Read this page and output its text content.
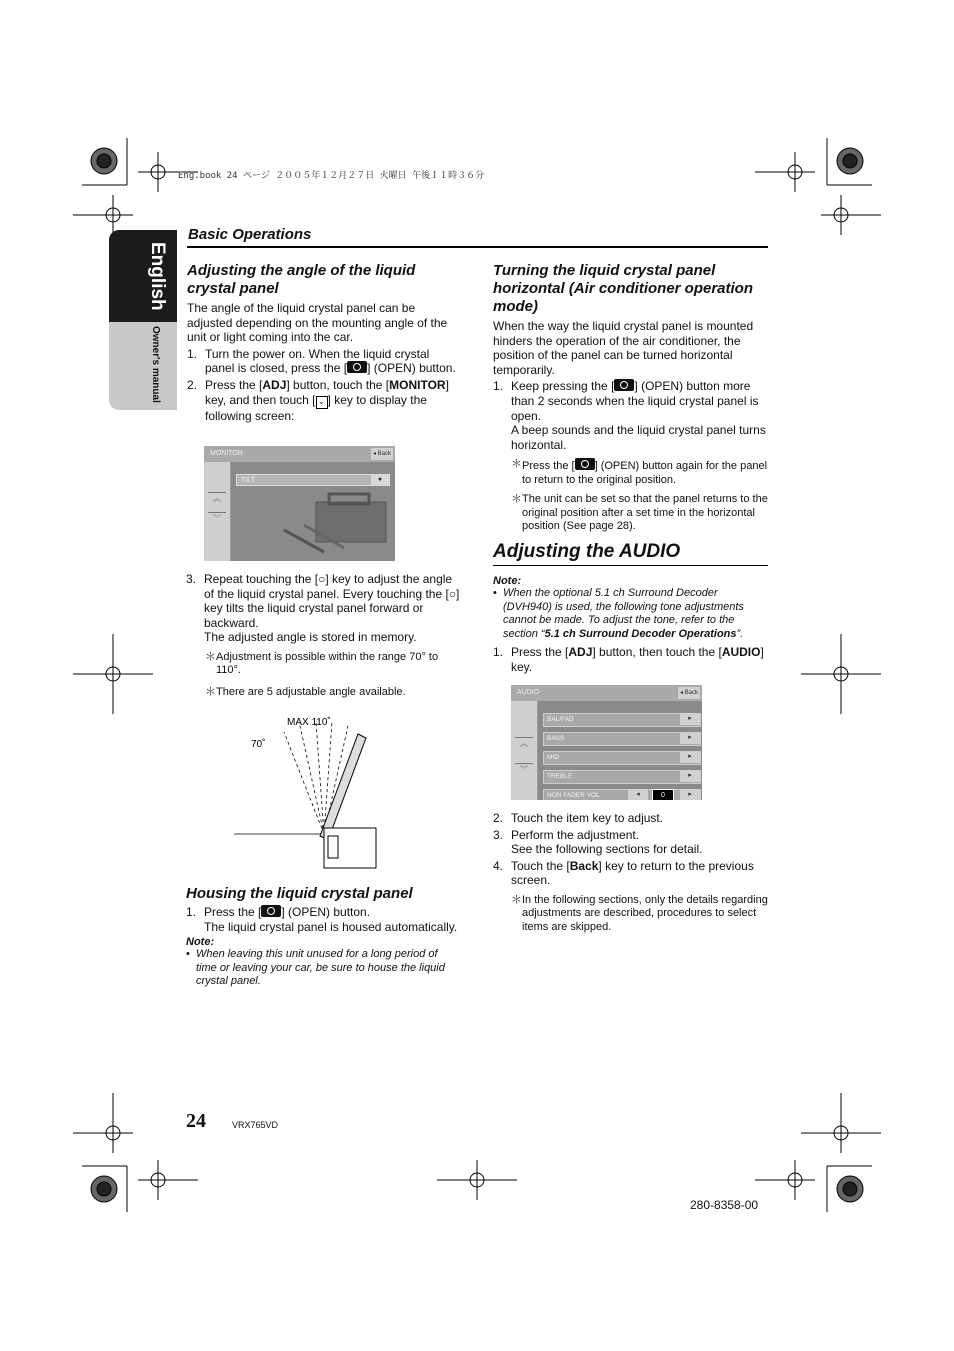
Eng.book 24 ページ ２００５年１２月２７日 火曜日 午後１１時３６分
English
Owner's manual
Basic Operations
Adjusting the angle of the liquid crystal panel
The angle of the liquid crystal panel can be adjusted depending on the mounting angle of the unit or light coming into the car.
1. Turn the power on. When the liquid crystal panel is closed, press the [ ] (OPEN) button.
2. Press the [ADJ] button, touch the [MONITOR] key, and then touch [ ⌄ ] key to display the following screen:
MONITOR	◂ Back
︽
︾
TILT	●
3. Repeat touching the [○] key to adjust the angle of the liquid crystal panel. Every touching the [○] key tilts the liquid crystal panel forward or backward.
The adjusted angle is stored in memory.
＊ Adjustment is possible within the range 70° to 110°.
＊ There are 5 adjustable angle available.
MAX 110˚
70˚
Housing the liquid crystal panel
1. Press the [ ] (OPEN) button.
The liquid crystal panel is housed automatically.
Note:
• When leaving this unit unused for a long period of time or leaving your car, be sure to house the liquid crystal panel.
Turning the liquid crystal panel horizontal (Air conditioner operation mode)
When the way the liquid crystal panel is mounted hinders the operation of the air conditioner, the position of the panel can be turned horizontal temporarily.
1. Keep pressing the [ ] (OPEN) button more than 2 seconds when the liquid crystal panel is open.
A beep sounds and the liquid crystal panel turns horizontal.
＊ Press the [ ] (OPEN) button again for the panel to return to the original position.
＊ The unit can be set so that the panel returns to the original position after a set time in the horizontal position (See page 28).
Adjusting the AUDIO
Note:
• When the optional 5.1 ch Surround Decoder (DVH940) is used, the following tone adjustments cannot be made. To adjust the tone, refer to the section “5.1 ch Surround Decoder Operations”.
1. Press the [ADJ] button, then touch the [AUDIO] key.
AUDIO	◂ Back
︽
︾
BAL/FAD	▸
BASS	▸
MID	▸
TREBLE	▸
NON FADER VOL	▸
◂	0
2. Touch the item key to adjust.
3. Perform the adjustment.
See the following sections for detail.
4. Touch the [Back] key to return to the previous screen.
＊ In the following sections, only the details regarding adjustments are described, procedures to select items are skipped.
24	VRX765VD
280-8358-00
